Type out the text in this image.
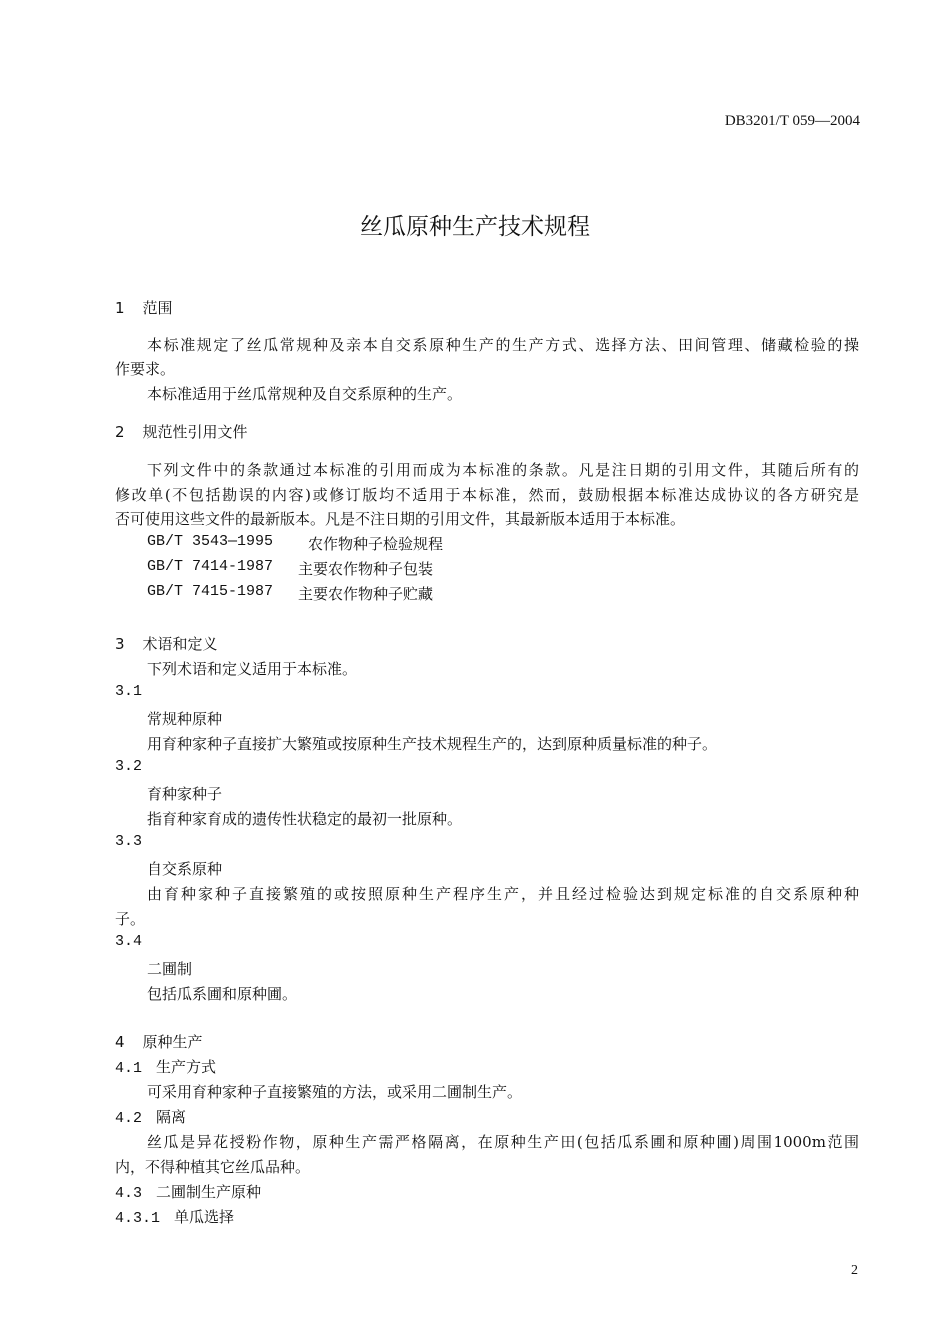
DB3201/T 059—2004
丝瓜原种生产技术规程
1 范围
本标准规定了丝瓜常规种及亲本自交系原种生产的生产方式、选择方法、田间管理、储藏检验的操
作要求。
本标准适用于丝瓜常规种及自交系原种的生产。
2 规范性引用文件
下列文件中的条款通过本标准的引用而成为本标准的条款。凡是注日期的引用文件，其随后所有的
修改单(不包括勘误的内容)或修订版均不适用于本标准，然而，鼓励根据本标准达成协议的各方研究是
否可使用这些文件的最新版本。凡是不注日期的引用文件，其最新版本适用于本标准。
GB/T 3543—1995 农作物种子检验规程
GB/T 7414-1987 主要农作物种子包装
GB/T 7415-1987 主要农作物种子贮藏
3 术语和定义
下列术语和定义适用于本标准。
3.1
常规种原种
用育种家种子直接扩大繁殖或按原种生产技术规程生产的，达到原种质量标准的种子。
3.2
育种家种子
指育种家育成的遗传性状稳定的最初一批原种。
3.3
自交系原种
由育种家种子直接繁殖的或按照原种生产程序生产，并且经过检验达到规定标准的自交系原种种
子。
3.4
二圃制
包括瓜系圃和原种圃。
4 原种生产
4.1 生产方式
可采用育种家种子直接繁殖的方法，或采用二圃制生产。
4.2 隔离
丝瓜是异花授粉作物，原种生产需严格隔离，在原种生产田(包括瓜系圃和原种圃)周围1000m范围
内，不得种植其它丝瓜品种。
4.3 二圃制生产原种
4.3.1 单瓜选择
2
